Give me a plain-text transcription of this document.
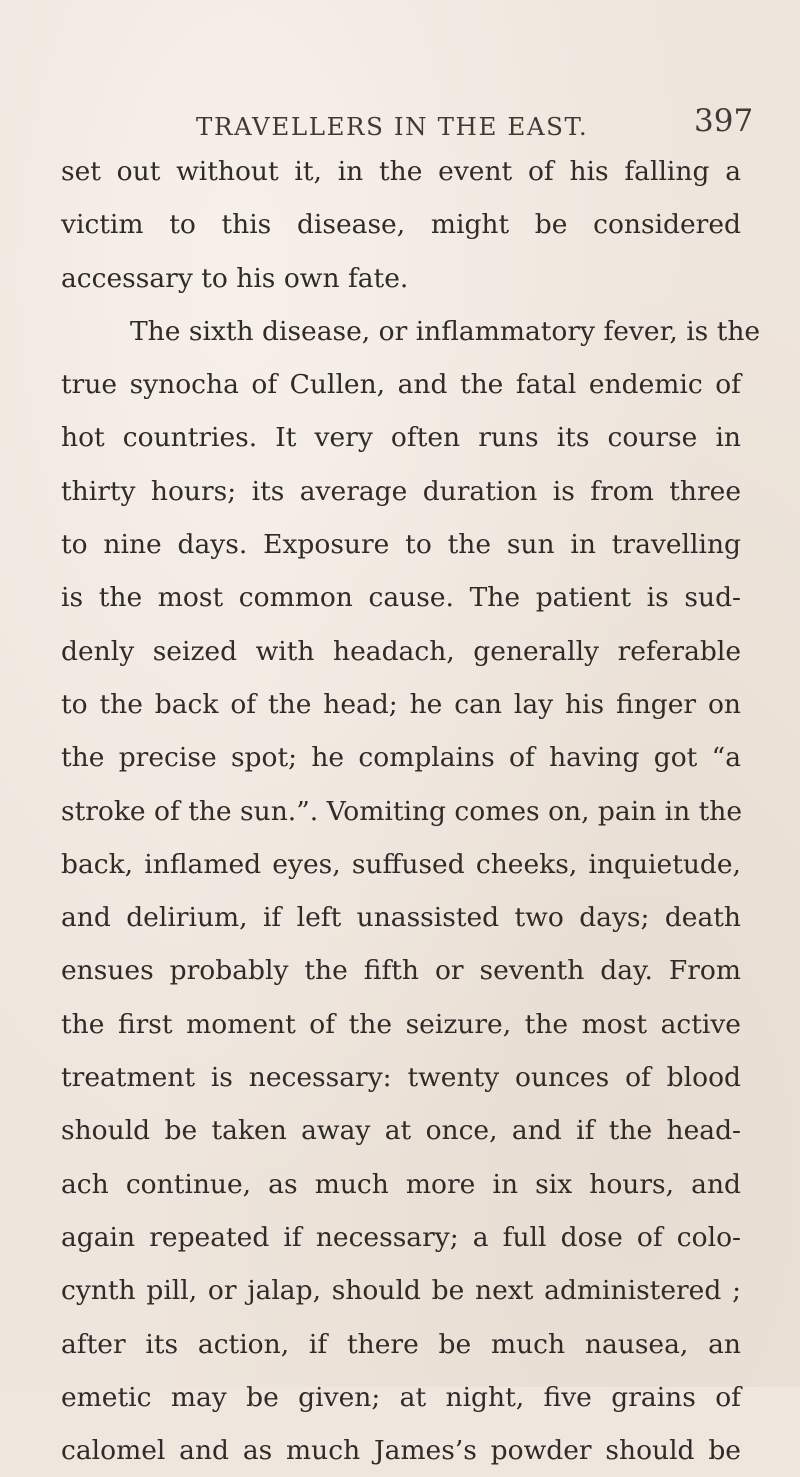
TRAVELLERS IN THE EAST.	397
set out without it, in the event of his falling a
victim to this disease, might be considered
accessary to his own fate.
The sixth disease, or inflammatory fever, is the
true synocha of Cullen, and the fatal endemic of
hot countries. It very often runs its course in
thirty hours; its average duration is from three
to nine days. Exposure to the sun in travelling
is the most common cause. The patient is sud-
denly seized with headach, generally referable
to the back of the head; he can lay his finger on
the precise spot; he complains of having got “a
stroke of the sun.”. Vomiting comes on, pain in the
back, inflamed eyes, suffused cheeks, inquietude,
and delirium, if left unassisted two days; death
ensues probably the fifth or seventh day. From
the first moment of the seizure, the most active
treatment is necessary: twenty ounces of blood
should be taken away at once, and if the head-
ach continue, as much more in six hours, and
again repeated if necessary; a full dose of colo-
cynth pill, or jalap, should be next administered ;
after its action, if there be much nausea, an
emetic may be given; at night, five grains of
calomel and as much James’s powder should be
